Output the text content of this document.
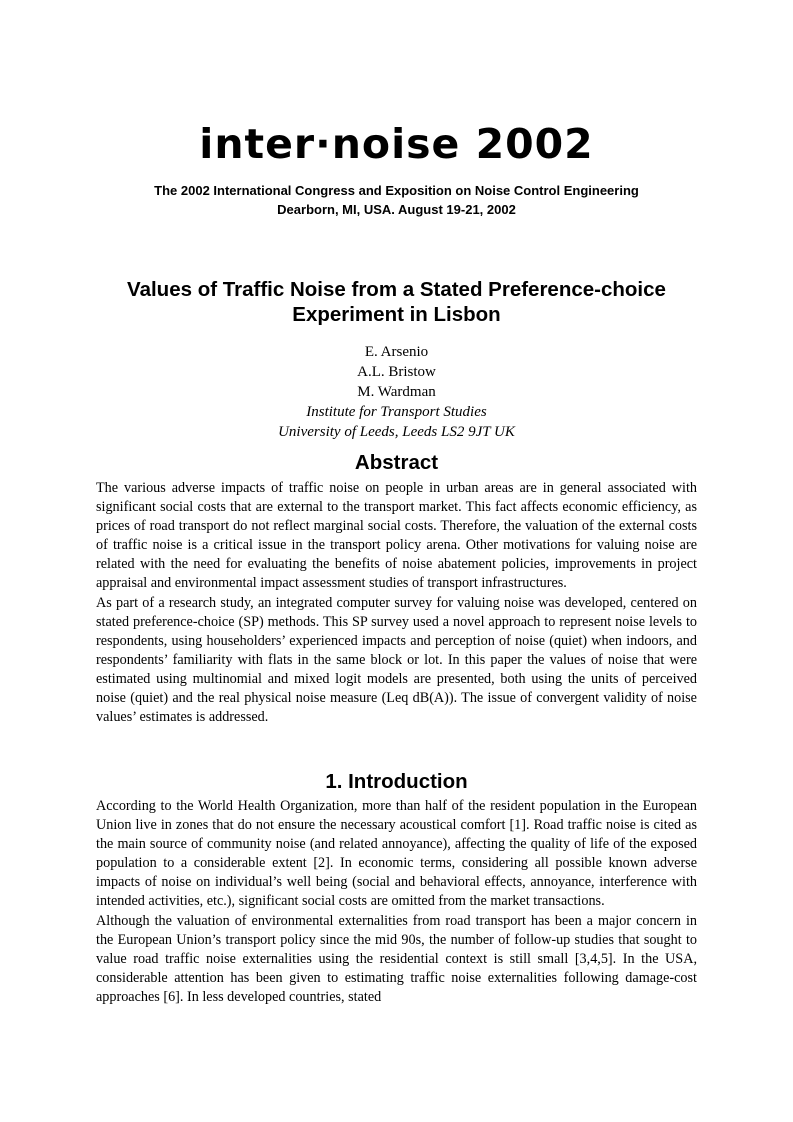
inter·noise 2002
The 2002 International Congress and Exposition on Noise Control Engineering
Dearborn, MI, USA. August 19-21, 2002
Values of Traffic Noise from a Stated Preference-choice
Experiment in Lisbon
E. Arsenio
A.L. Bristow
M. Wardman
Institute for Transport Studies
University of Leeds, Leeds LS2 9JT UK
Abstract

The various adverse impacts of traffic noise on people in urban areas are in general associated with significant social costs that are external to the transport market. This fact affects economic efficiency, as prices of road transport do not reflect marginal social costs. Therefore, the valuation of the external costs of traffic noise is a critical issue in the transport policy arena. Other motivations for valuing noise are related with the need for evaluating the benefits of noise abatement policies, improvements in project appraisal and environmental impact assessment studies of transport infrastructures.

As part of a research study, an integrated computer survey for valuing noise was developed, centered on stated preference-choice (SP) methods. This SP survey used a novel approach to represent noise levels to respondents, using householders’ experienced impacts and perception of noise (quiet) when indoors, and respondents’ familiarity with flats in the same block or lot. In this paper the values of noise that were estimated using multinomial and mixed logit models are presented, both using the units of perceived noise (quiet) and the real physical noise measure (Leq dB(A)). The issue of convergent validity of noise values’ estimates is addressed.

1. Introduction

According to the World Health Organization, more than half of the resident population in the European Union live in zones that do not ensure the necessary acoustical comfort [1]. Road traffic noise is cited as the main source of community noise (and related annoyance), affecting the quality of life of the exposed population to a considerable extent [2]. In economic terms, considering all possible known adverse impacts of noise on individual’s well being (social and behavioral effects, annoyance, interference with intended activities, etc.), significant social costs are omitted from the market transactions.

Although the valuation of environmental externalities from road transport has been a major concern in the European Union’s transport policy since the mid 90s, the number of follow-up studies that sought to value road traffic noise externalities using the residential context is still small [3,4,5]. In the USA, considerable attention has been given to estimating traffic noise externalities following damage-cost approaches [6]. In less developed countries, stated
